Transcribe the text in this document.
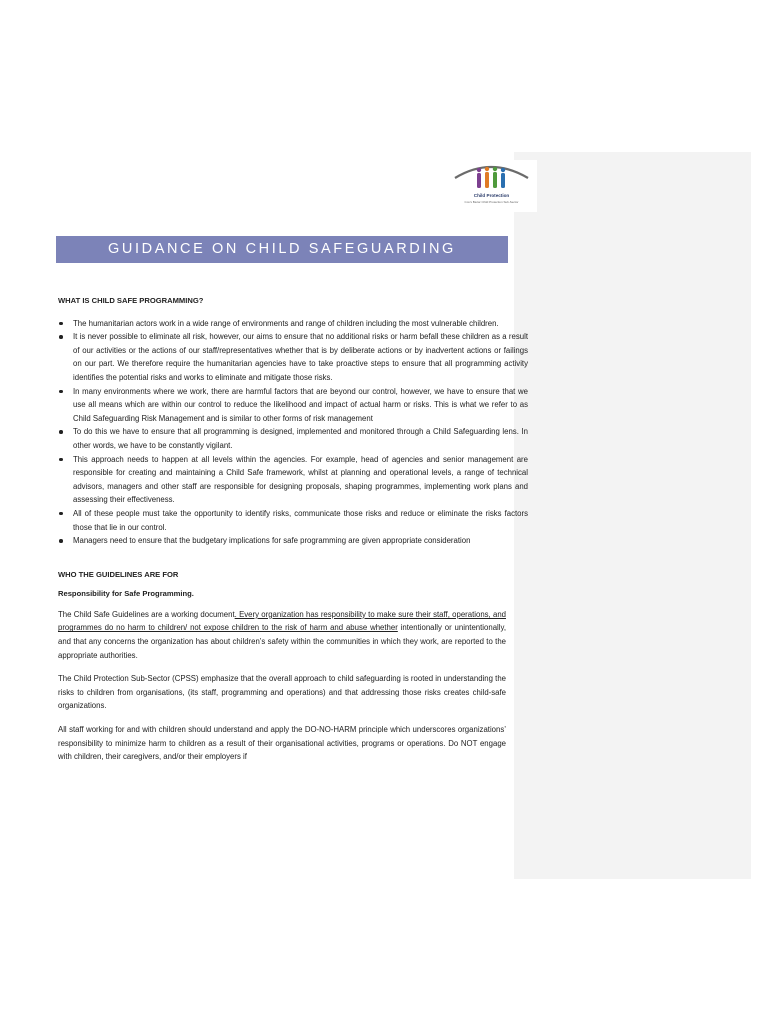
Child Protection
Cox's Bazar Child Protection Sub-Sector
GUIDANCE ON CHILD SAFEGUARDING
WHAT IS CHILD SAFE PROGRAMMING?
The humanitarian actors work in a wide range of environments and range of children including the most vulnerable children.
It is never possible to eliminate all risk, however, our aims to ensure that no additional risks or harm befall these children as a result of our activities or the actions of our staff/representatives whether that is by deliberate actions or by inadvertent actions or failings on our part. We therefore require the humanitarian agencies have to take proactive steps to ensure that all programming activity identifies the potential risks and works to eliminate and mitigate those risks.
In many environments where we work, there are harmful factors that are beyond our control, however, we have to ensure that we use all means which are within our control to reduce the likelihood and impact of actual harm or risks. This is what we refer to as Child Safeguarding Risk Management and is similar to other forms of risk management
To do this we have to ensure that all programming is designed, implemented and monitored through a Child Safeguarding lens. In other words, we have to be constantly vigilant.
This approach needs to happen at all levels within the agencies. For example, head of agencies and senior management are responsible for creating and maintaining a Child Safe framework, whilst at planning and operational levels, a range of technical advisors, managers and other staff are responsible for designing proposals, shaping programmes, implementing work plans and assessing their effectiveness.
All of these people must take the opportunity to identify risks, communicate those risks and reduce or eliminate the risks factors those that lie in our control.
Managers need to ensure that the budgetary implications for safe programming are given appropriate consideration
WHO THE GUIDELINES ARE FOR
Responsibility for Safe Programming.

The Child Safe Guidelines are a working document. Every organization has responsibility to make sure their staff, operations, and programmes do no harm to children/ not expose children to the risk of harm and abuse whether intentionally or unintentionally, and that any concerns the organization has about children’s safety within the communities in which they work, are reported to the appropriate authorities.

The Child Protection Sub-Sector (CPSS) emphasize that the overall approach to child safeguarding is rooted in understanding the risks to children from organisations, (its staff, programming and operations) and that addressing those risks creates child-safe organizations.

All staff working for and with children should understand and apply the DO-NO-HARM principle which underscores organizations’ responsibility to minimize harm to children as a result of their organisational activities, programs or operations. Do NOT engage with children, their caregivers, and/or their employers if
